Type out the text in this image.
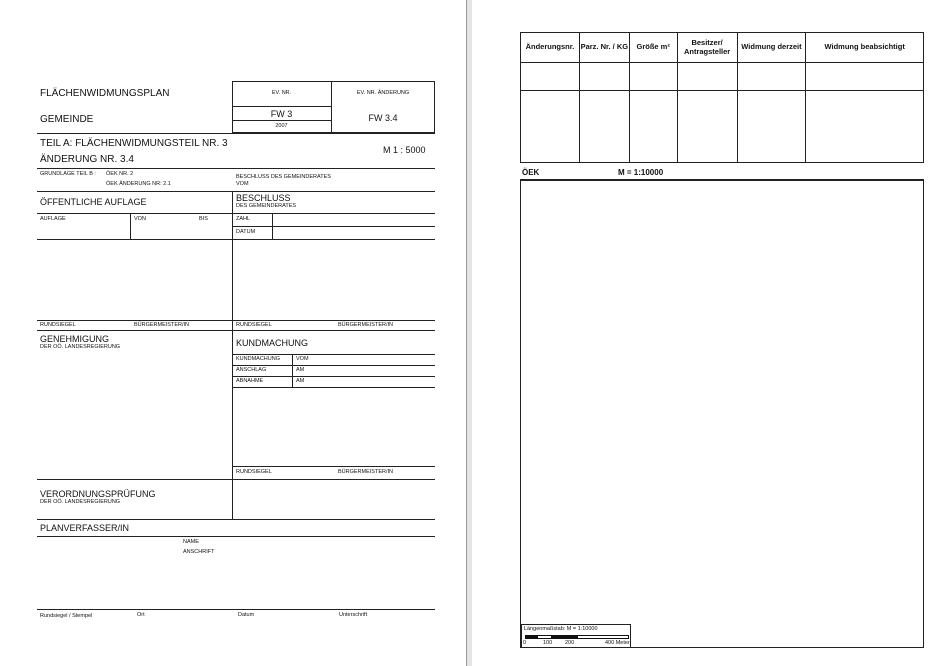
FLÄCHENWIDMUNGSPLAN
GEMEINDE
EV. NR.
FW 3
2007
EV. NR. ÄNDERUNG
FW 3.4
TEIL A: FLÄCHENWIDMUNGSTEIL NR. 3
ÄNDERUNG NR. 3.4
M 1 : 5000
GRUNDLAGE TEIL B : ÖEK NR. 2
ÖEK ÄNDERUNG NR: 2.1
BESCHLUSS DES GEMEINDERATES
VOM
ÖFFENTLICHE AUFLAGE
AUFLAGE	VON	BIS
BESCHLUSS
DES GEMEINDERATES
ZAHL
DATUM
RUNDSIEGEL	BÜRGERMEISTER/IN	RUNDSIEGEL	BÜRGERMEISTER/IN
GENEHMIGUNG
DER OÖ. LANDESREGIERUNG	KUNDMACHUNG
KUNDMACHUNG	VOM
ANSCHLAG	AM
ABNAHME	AM
RUNDSIEGEL	BÜRGERMEISTER/IN
VERORDNUNGSPRÜFUNG
DER OÖ. LANDESREGIERUNG
PLANVERFASSER/IN
NAME
ANSCHRIFT
Rundsiegel / Stempel	Ort	Datum	Unterschrift
Änderungsnr.	Parz. Nr. / KG	Größe m²	Besitzer/ Antragsteller	Widmung derzeit	Widmung beabsichtigt

ÖEK	M = 1:10000
Längenmaßstab: M = 1:10000
0	100 200	400 Meter
